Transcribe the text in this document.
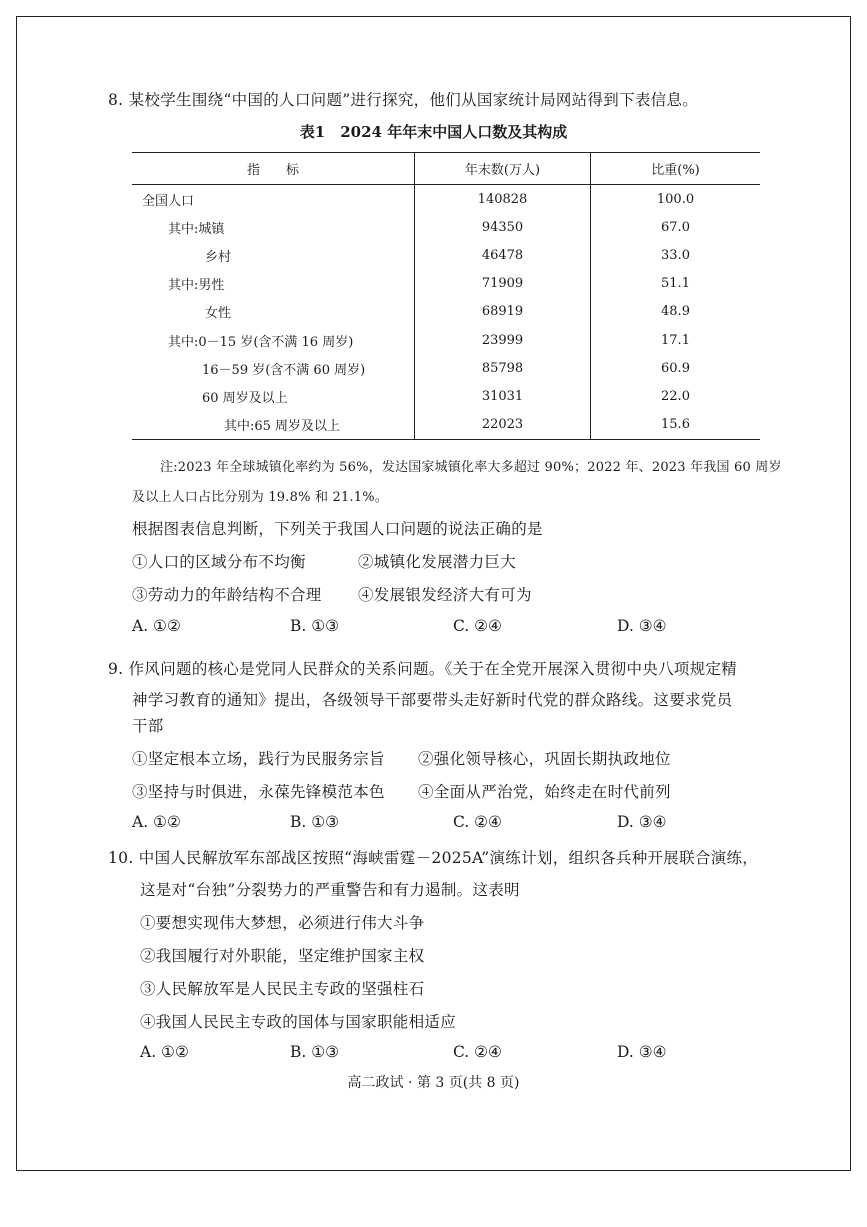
8. 某校学生围绕“中国的人口问题”进行探究，他们从国家统计局网站得到下表信息。
表1　2024 年年末中国人口数及其构成
指　　标	年末数(万人)	比重(%)
全国人口	140828	100.0
其中:城镇	94350	67.0
乡村	46478	33.0
其中:男性	71909	51.1
女性	68919	48.9
其中:0－15 岁(含不满 16 周岁)	23999	17.1
16－59 岁(含不满 60 周岁)	85798	60.9
60 周岁及以上	31031	22.0
其中:65 周岁及以上	22023	15.6
注:2023 年全球城镇化率约为 56%，发达国家城镇化率大多超过 90%；2022 年、2023 年我国 60 周岁
及以上人口占比分别为 19.8% 和 21.1%。
根据图表信息判断，下列关于我国人口问题的说法正确的是
①人口的区域分布不均衡	②城镇化发展潜力巨大
③劳动力的年龄结构不合理 ④发展银发经济大有可为
A. ①②	B. ①③	C. ②④	D. ③④
9. 作风问题的核心是党同人民群众的关系问题。《关于在全党开展深入贯彻中央八项规定精
神学习教育的通知》提出，各级领导干部要带头走好新时代党的群众路线。这要求党员
干部
①坚定根本立场，践行为民服务宗旨 ②强化领导核心，巩固长期执政地位
③坚持与时俱进，永葆先锋模范本色 ④全面从严治党，始终走在时代前列
A. ①②	B. ①③	C. ②④	D. ③④
10. 中国人民解放军东部战区按照“海峡雷霆－2025A”演练计划，组织各兵种开展联合演练，
这是对“台独”分裂势力的严重警告和有力遏制。这表明
①要想实现伟大梦想，必须进行伟大斗争
②我国履行对外职能，坚定维护国家主权
③人民解放军是人民民主专政的坚强柱石
④我国人民民主专政的国体与国家职能相适应
A. ①②	B. ①③	C. ②④	D. ③④
高二政试 · 第 3 页(共 8 页)
